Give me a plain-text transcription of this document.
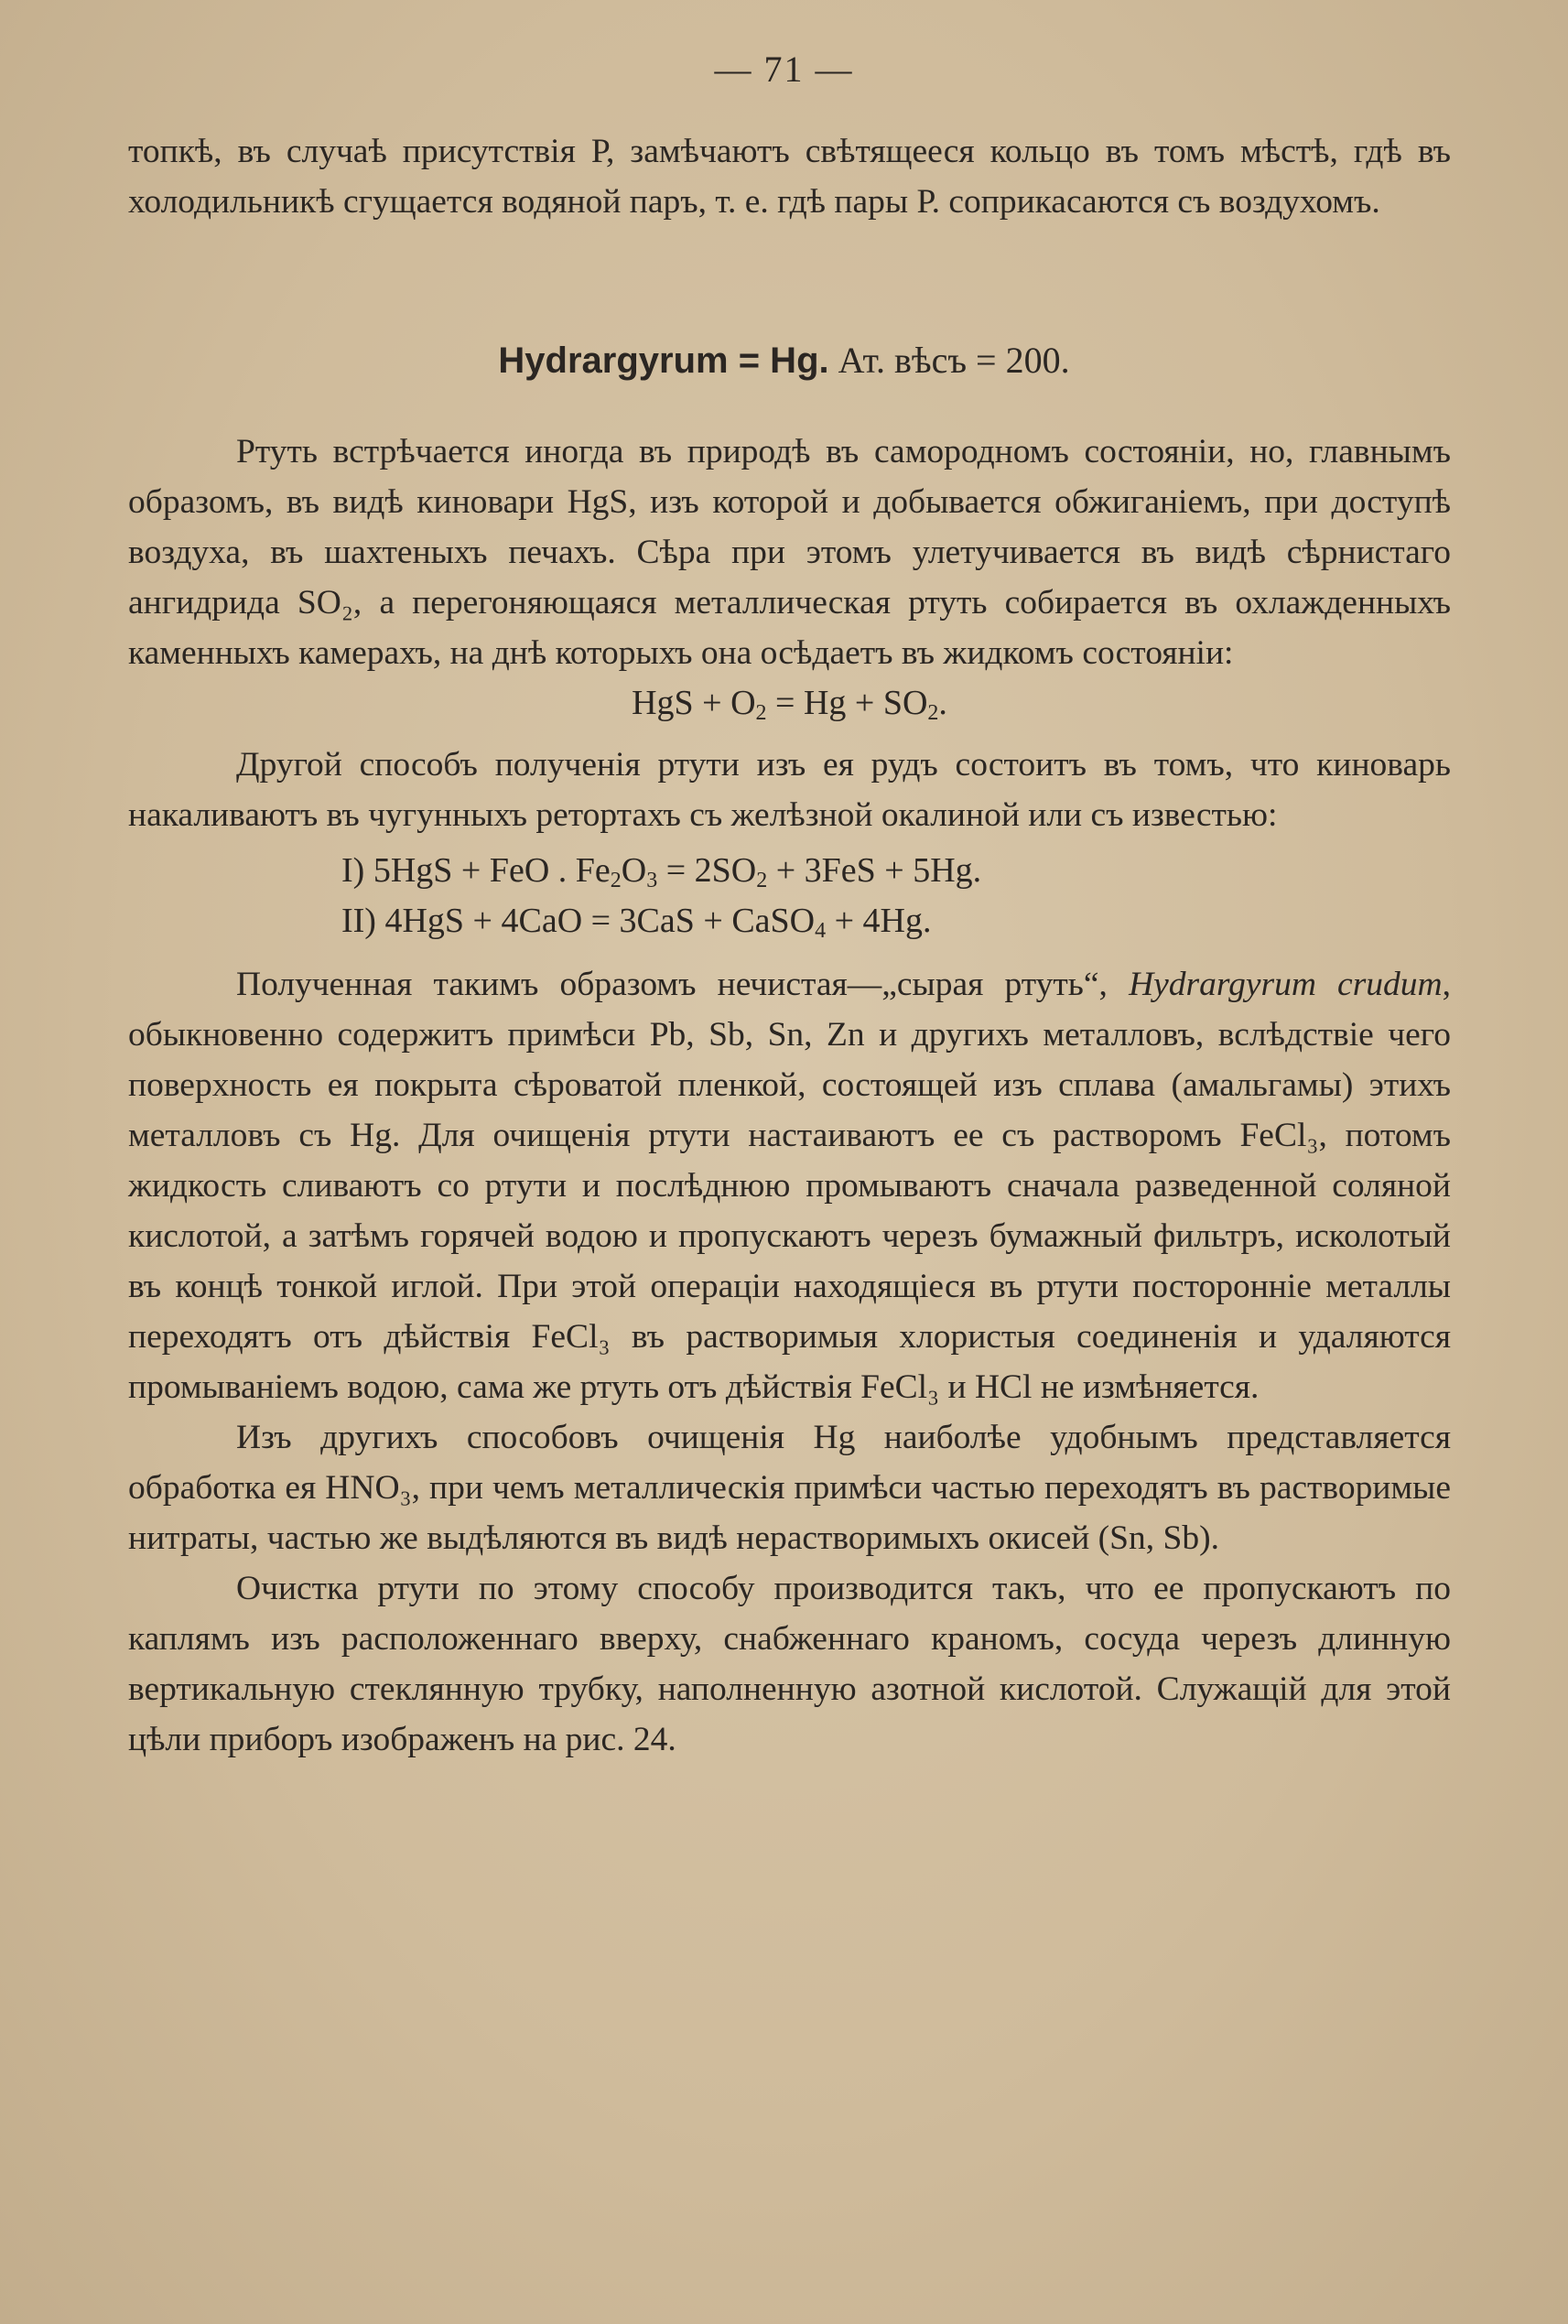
— 71 —

топкѣ, въ случаѣ присутствія Р, замѣчаютъ свѣтящееся кольцо въ томъ мѣстѣ, гдѣ въ холодильникѣ сгущается водяной паръ, т. е. гдѣ пары Р. соприкасаются съ воздухомъ.

Hydrargyrum = Hg. Ат. вѣсъ = 200.

Ртуть встрѣчается иногда въ природѣ въ самородномъ состояніи, но, главнымъ образомъ, въ видѣ киновари HgS, изъ которой и добывается обжиганіемъ, при доступѣ воздуха, въ шахтеныхъ печахъ. Сѣра при этомъ улетучивается въ видѣ сѣрнистаго ангидрида SO₂, а перегоняющаяся металлическая ртуть собирается въ охлажденныхъ каменныхъ камерахъ, на днѣ которыхъ она осѣдаетъ въ жидкомъ состояніи:

HgS + $O_2 = Hg + SO_2$.

Другой способъ полученія ртути изъ ея рудъ состоитъ въ томъ, что киноварь накаливаютъ въ чугунныхъ ретортахъ съ желѣзной окалиной или съ известью:

I) 5HgS + FeO . $Fe_2O_3 = 2SO_2 + 3FeS + 5Hg$.
II) 4HgS + 4CaO = 3CaS + CaSO$_4$ + 4Hg.

Полученная такимъ образомъ нечистая—„сырая ртуть“, Hydrargyrum crudum, обыкновенно содержитъ примѣси Pb, Sb, Sn, Zn и другихъ металловъ, вслѣдствіе чего поверхность ея покрыта сѣроватой пленкой, состоящей изъ сплава (амальгамы) этихъ металловъ съ Hg. Для очищенія ртути настаиваютъ ее съ растворомъ FeCl₃, потомъ жидкость сливаютъ со ртути и послѣднюю промываютъ сначала разведенной соляной кислотой, а затѣмъ горячей водою и пропускаютъ черезъ бумажный фильтръ, исколотый въ концѣ тонкой иглой. При этой операціи находящіеся въ ртути посторонніе металлы переходятъ отъ дѣйствія FeCl₃ въ растворимыя хлористыя соединенія и удаляются промываніемъ водою, сама же ртуть отъ дѣйствія FeCl₃ и HCl не измѣняется.

Изъ другихъ способовъ очищенія Hg наиболѣе удобнымъ представляется обработка ея HNO₃, при чемъ металлическія примѣси частью переходятъ въ растворимые нитраты, частью же выдѣляются въ видѣ нерастворимыхъ окисей (Sn, Sb).

Очистка ртути по этому способу производится такъ, что ее пропускаютъ по каплямъ изъ расположеннаго вверху, снабженнаго краномъ, сосуда черезъ длинную вертикальную стеклянную трубку, наполненную азотной кислотой. Служащій для этой цѣли приборъ изображенъ на рис. 24.
